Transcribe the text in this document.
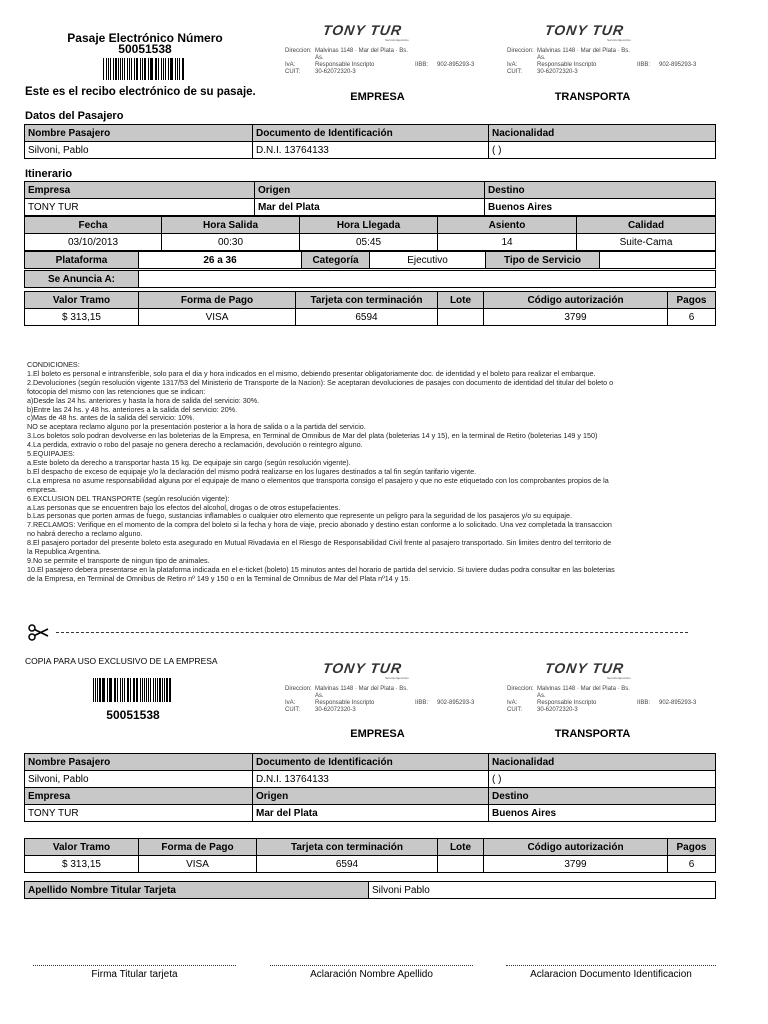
Pasaje Electrónico Número
50051538
TONY TUR
Servicio Ejecutivo
Direccion: Malvinas 1148 · Mar del Plata · Bs. As.
IvA:	Responsable Inscripto	IIBB:	902-895293-3
CUIT:	30-62072320-3
TONY TUR
Servicio Ejecutivo
Direccion: Malvinas 1148 · Mar del Plata · Bs. As.
IvA:	Responsable Inscripto	IIBB:	902-895293-3
CUIT:	30-62072320-3
Este es el recibo electrónico de su pasaje.	EMPRESA	TRANSPORTA
Datos del Pasajero
Nombre Pasajero	Documento de Identificación	Nacionalidad
Silvoni, Pablo	D.N.I. 13764133	( )
Itinerario
Empresa	Origen	Destino
TONY TUR	Mar del Plata	Buenos Aires
Fecha	Hora Salida	Hora Llegada	Asiento	Calidad
03/10/2013	00:30	05:45	14	Suite-Cama
Plataforma	26 a 36	Categoría	Ejecutivo	Tipo de Servicio	
Se Anuncia A:	
Valor Tramo	Forma de Pago	Tarjeta con terminación	Lote	Código autorización	Pagos
$ 313,15	VISA	6594		3799	6
CONDICIONES:
1.El boleto es personal e intransferible, solo para el dia y hora indicados en el mismo, debiendo presentar obligatoriamente doc. de identidad y el boleto para realizar el embarque.
2.Devoluciones (según resolución vigente 1317/53 del Ministerio de Transporte de la Nacion): Se aceptaran devoluciones de pasajes con documento de identidad del titular del boleto o
fotocopia del mismo con las retenciones que se indican:
a)Desde las 24 hs. anteriores y hasta la hora de salida del servicio: 30%.
b)Entre las 24 hs. y 48 hs. anteriores a la salida del servicio: 20%.
c)Mas de 48 hs. antes de la salida del servicio: 10%.
NO se aceptara reclamo alguno por la presentación posterior a la hora de salida o a la partida del servicio.
3.Los boletos solo podran devolverse en las boleterias de la Empresa, en Terminal de Omnibus de Mar del plata (boleterias 14 y 15), en la terminal de Retiro (boleterias 149 y 150)
4.La perdida, extravio o robo del pasaje no genera derecho a reclamación, devolución o reintegro alguno.
5.EQUIPAJES:
a.Este boleto da derecho a transportar hasta 15 kg. De equipaje sin cargo (según resolución vigente).
b.El despacho de exceso de equipaje y/o la declaración del mismo podrá realizarse en los lugares destinados a tal fin según tarifario vigente.
c.La empresa no asume responsabilidad alguna por el equipaje de mano o elementos que transporta consigo el pasajero y que no este etiquetado con los comprobantes propios de la
empresa.
6.EXCLUSION DEL TRANSPORTE (según resolución vigente):
a.Las personas que se encuentren bajo los efectos del alcohol, drogas o de otros estupefacientes.
b.Las personas que porten armas de fuego, sustancias inflamables o cualquier otro elemento que represente un peligro para la seguridad de los pasajeros y/o su equipaje.
7.RECLAMOS: Verifique en el momento de la compra del boleto si la fecha y hora de viaje, precio abonado y destino estan conforme a lo solicitado. Una vez completada la transaccion
no habrá derecho a reclamo alguno.
8.El pasajero portador del presente boleto esta asegurado en Mutual Rivadavia en el Riesgo de Responsabilidad Civil frente al pasajero transportado. Sin limites dentro del territorio de
la Republica Argentina.
9.No se permite el transporte de ningun tipo de animales.
10.El pasajero debera presentarse en la plataforma indicada en el e-ticket (boleto) 15 minutos antes del horario de partida del servicio. Si tuviere dudas podra consultar en las boleterias
de la Empresa, en Terminal de Omnibus de Retiro nº 149 y 150 o en la Terminal de Omnibus de Mar del Plata nº14 y 15.
COPIA PARA USO EXCLUSIVO DE LA EMPRESA
50051538
TONY TUR
Servicio Ejecutivo
Direccion: Malvinas 1148 · Mar del Plata · Bs. As.
IvA:	Responsable Inscripto	IIBB:	902-895293-3
CUIT:	30-62072320-3
TONY TUR
Servicio Ejecutivo
Direccion: Malvinas 1148 · Mar del Plata · Bs. As.
IvA:	Responsable Inscripto	IIBB:	902-895293-3
CUIT:	30-62072320-3
EMPRESA	TRANSPORTA
Nombre Pasajero	Documento de Identificación	Nacionalidad
Silvoni, Pablo	D.N.I. 13764133	( )
Empresa	Origen	Destino
TONY TUR	Mar del Plata	Buenos Aires
Valor Tramo	Forma de Pago	Tarjeta con terminación	Lote	Código autorización	Pagos
$ 313,15	VISA	6594		3799	6
Apellido Nombre Titular Tarjeta	Silvoni Pablo
Firma Titular tarjeta	Aclaración Nombre Apellido	Aclaracion Documento Identificacion
